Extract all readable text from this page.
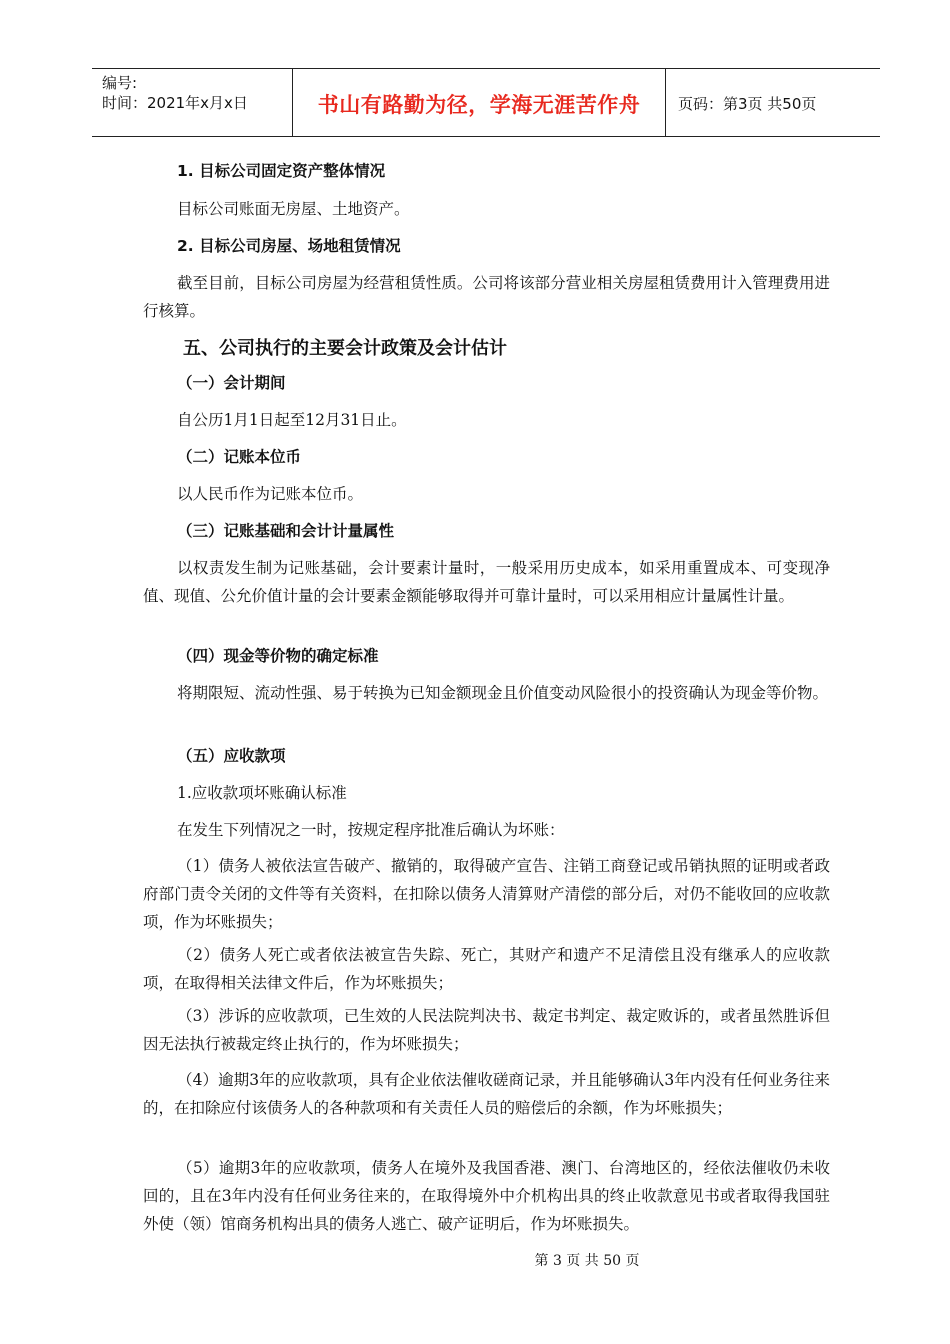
编号:
时间：2021年x月x日	书山有路勤为径，学海无涯苦作舟	页码：第3页 共50页
1. 目标公司固定资产整体情况
目标公司账面无房屋、土地资产。
2. 目标公司房屋、场地租赁情况
截至目前，目标公司房屋为经营租赁性质。公司将该部分营业相关房屋租赁费用计入管理费用进行核算。
五、公司执行的主要会计政策及会计估计
（一）会计期间
自公历1月1日起至12月31日止。
（二）记账本位币
以人民币作为记账本位币。
（三）记账基础和会计计量属性
以权责发生制为记账基础，会计要素计量时，一般采用历史成本，如采用重置成本、可变现净值、现值、公允价值计量的会计要素金额能够取得并可靠计量时，可以采用相应计量属性计量。
（四）现金等价物的确定标准
将期限短、流动性强、易于转换为已知金额现金且价值变动风险很小的投资确认为现金等价物。
（五）应收款项
1.应收款项坏账确认标准
在发生下列情况之一时，按规定程序批准后确认为坏账：
（1）债务人被依法宣告破产、撤销的，取得破产宣告、注销工商登记或吊销执照的证明或者政府部门责令关闭的文件等有关资料，在扣除以债务人清算财产清偿的部分后，对仍不能收回的应收款项，作为坏账损失；
（2）债务人死亡或者依法被宣告失踪、死亡，其财产和遗产不足清偿且没有继承人的应收款项，在取得相关法律文件后，作为坏账损失；
（3）涉诉的应收款项，已生效的人民法院判决书、裁定书判定、裁定败诉的，或者虽然胜诉但因无法执行被裁定终止执行的，作为坏账损失；
（4）逾期3年的应收款项，具有企业依法催收磋商记录，并且能够确认3年内没有任何业务往来的，在扣除应付该债务人的各种款项和有关责任人员的赔偿后的余额，作为坏账损失；
（5）逾期3年的应收款项，债务人在境外及我国香港、澳门、台湾地区的，经依法催收仍未收回的，且在3年内没有任何业务往来的，在取得境外中介机构出具的终止收款意见书或者取得我国驻外使（领）馆商务机构出具的债务人逃亡、破产证明后，作为坏账损失。
第 3 页 共 50 页
